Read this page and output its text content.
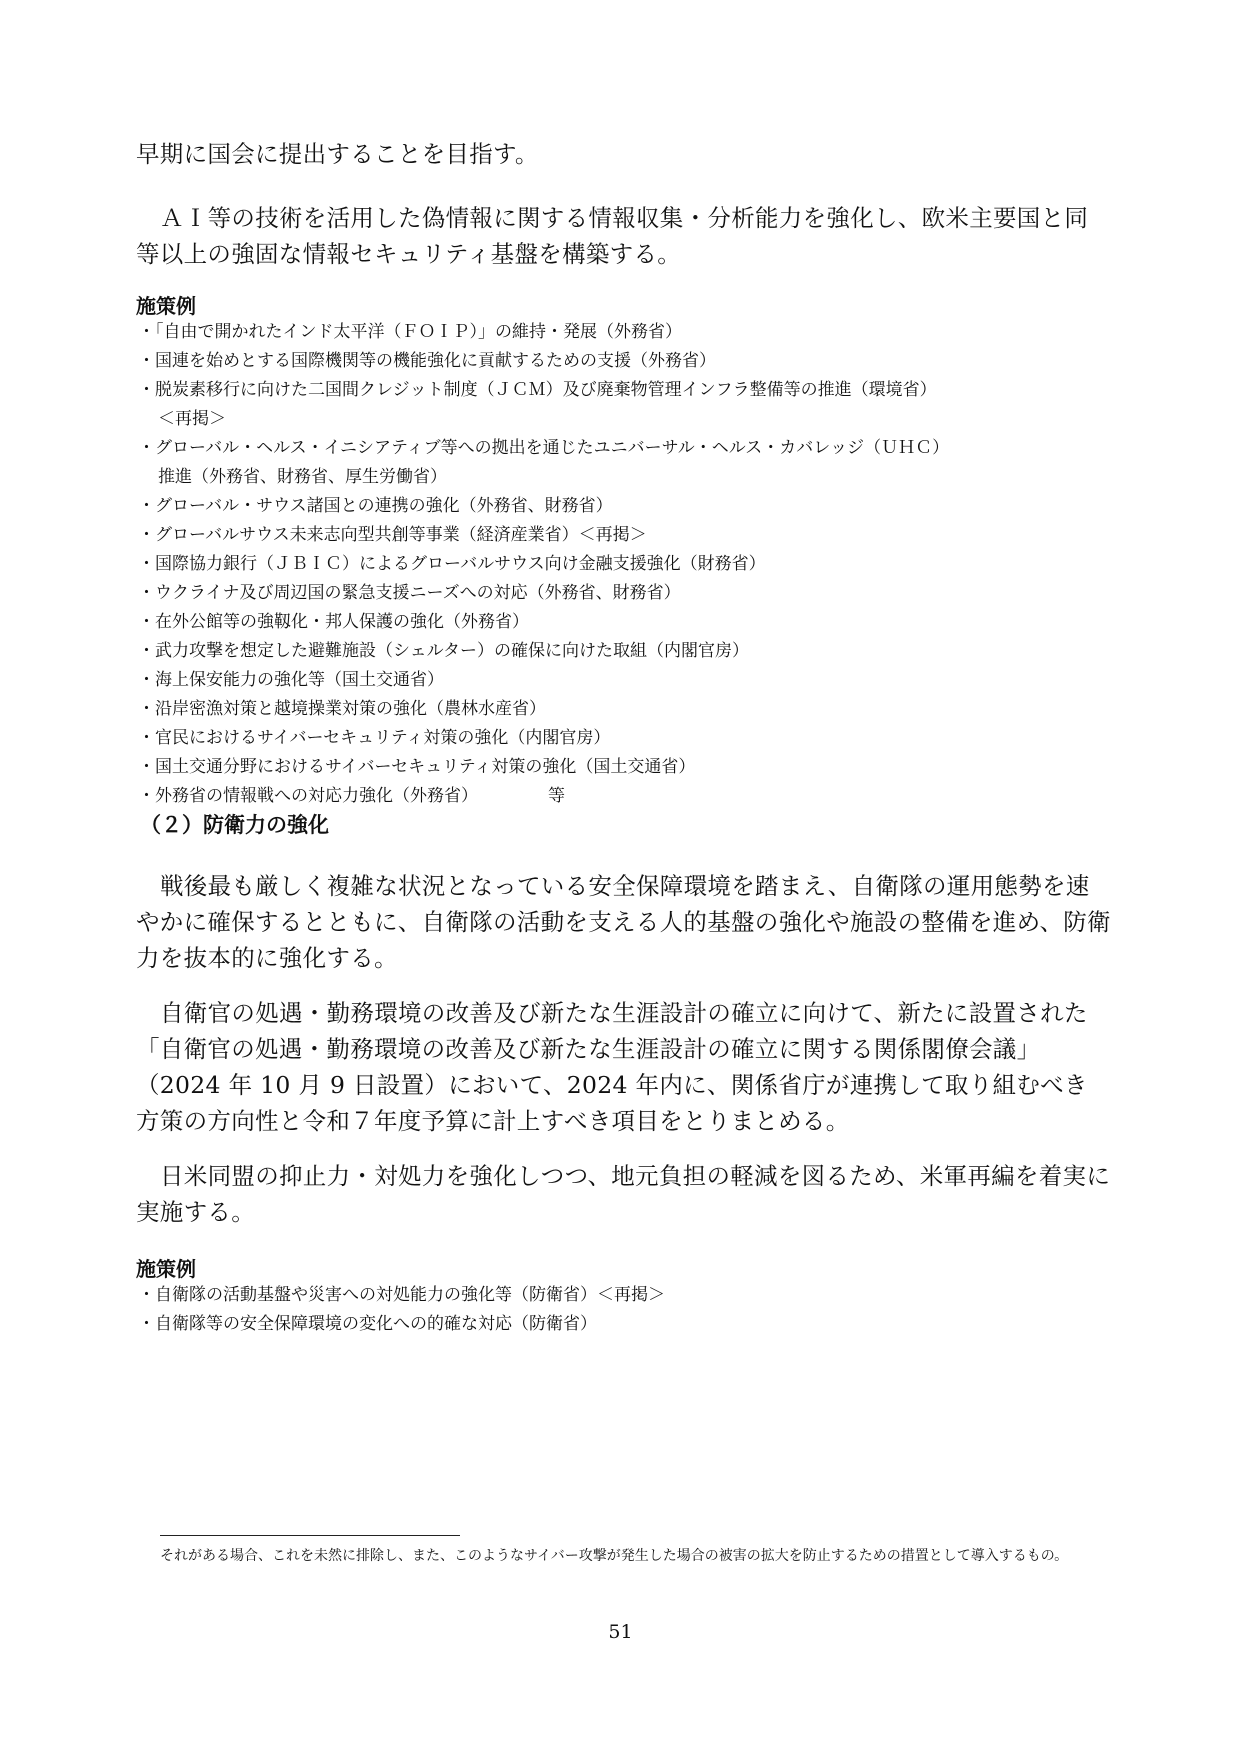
早期に国会に提出することを目指す。

ＡＩ等の技術を活用した偽情報に関する情報収集・分析能力を強化し、欧米主要国と同等以上の強固な情報セキュリティ基盤を構築する。

施策例

・「自由で開かれたインド太平洋（ＦＯＩＰ）」の維持・発展（外務省）
・国連を始めとする国際機関等の機能強化に貢献するための支援（外務省）
・脱炭素移行に向けた二国間クレジット制度（ＪＣＭ）及び廃棄物管理インフラ整備等の推進（環境省）
＜再掲＞
・グローバル・ヘルス・イニシアティブ等への拠出を通じたユニバーサル・ヘルス・カバレッジ（ＵＨＣ）
推進（外務省、財務省、厚生労働省）
・グローバル・サウス諸国との連携の強化（外務省、財務省）
・グローバルサウス未来志向型共創等事業（経済産業省）＜再掲＞
・国際協力銀行（ＪＢＩＣ）によるグローバルサウス向け金融支援強化（財務省）
・ウクライナ及び周辺国の緊急支援ニーズへの対応（外務省、財務省）
・在外公館等の強靱化・邦人保護の強化（外務省）
・武力攻撃を想定した避難施設（シェルター）の確保に向けた取組（内閣官房）
・海上保安能力の強化等（国土交通省）
・沿岸密漁対策と越境操業対策の強化（農林水産省）
・官民におけるサイバーセキュリティ対策の強化（内閣官房）
・国土交通分野におけるサイバーセキュリティ対策の強化（国土交通省）
・外務省の情報戦への対応力強化（外務省）	等

（２）防衛力の強化

戦後最も厳しく複雑な状況となっている安全保障環境を踏まえ、自衛隊の運用態勢を速やかに確保するとともに、自衛隊の活動を支える人的基盤の強化や施設の整備を進め、防衛力を抜本的に強化する。

自衛官の処遇・勤務環境の改善及び新たな生涯設計の確立に向けて、新たに設置された「自衛官の処遇・勤務環境の改善及び新たな生涯設計の確立に関する関係閣僚会議」（2024 年 10 月 9 日設置）において、2024 年内に、関係省庁が連携して取り組むべき方策の方向性と令和７年度予算に計上すべき項目をとりまとめる。

日米同盟の抑止力・対処力を強化しつつ、地元負担の軽減を図るため、米軍再編を着実に実施する。

施策例

・自衛隊の活動基盤や災害への対処能力の強化等（防衛省）＜再掲＞
・自衛隊等の安全保障環境の変化への的確な対応（防衛省）

それがある場合、これを未然に排除し、また、このようなサイバー攻撃が発生した場合の被害の拡大を防止するための措置として導入するもの。

51
